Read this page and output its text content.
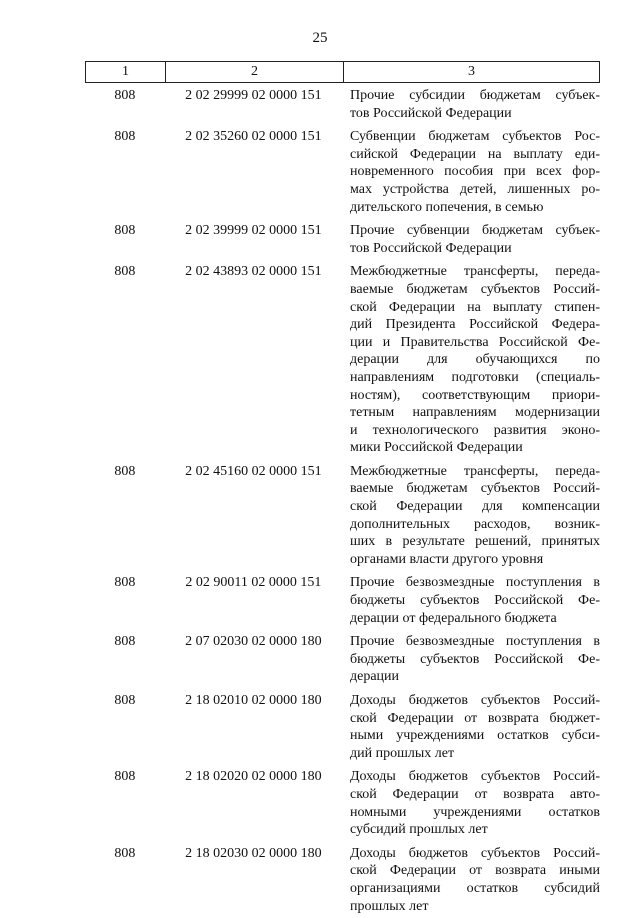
25
1	2	3
808	2 02 29999 02 0000 151	Прочие субсидии бюджетам субъек-
тов Российской Федерации
808	2 02 35260 02 0000 151	Субвенции бюджетам субъектов Рос-
сийской Федерации на выплату еди-
новременного пособия при всех фор-
мах устройства детей, лишенных ро-
дительского попечения, в семью
808	2 02 39999 02 0000 151	Прочие субвенции бюджетам субъек-
тов Российской Федерации
808	2 02 43893 02 0000 151	Межбюджетные трансферты, переда-
ваемые бюджетам субъектов Россий-
ской Федерации на выплату стипен-
дий Президента Российской Федера-
ции и Правительства Российской Фе-
дерации для обучающихся по
направлениям подготовки (специаль-
ностям), соответствующим приори-
тетным направлениям модернизации
и технологического развития эконо-
мики Российской Федерации
808	2 02 45160 02 0000 151	Межбюджетные трансферты, переда-
ваемые бюджетам субъектов Россий-
ской Федерации для компенсации
дополнительных расходов, возник-
ших в результате решений, принятых
органами власти другого уровня
808	2 02 90011 02 0000 151	Прочие безвозмездные поступления в
бюджеты субъектов Российской Фе-
дерации от федерального бюджета
808	2 07 02030 02 0000 180	Прочие безвозмездные поступления в
бюджеты субъектов Российской Фе-
дерации
808	2 18 02010 02 0000 180	Доходы бюджетов субъектов Россий-
ской Федерации от возврата бюджет-
ными учреждениями остатков субси-
дий прошлых лет
808	2 18 02020 02 0000 180	Доходы бюджетов субъектов Россий-
ской Федерации от возврата авто-
номными учреждениями остатков
субсидий прошлых лет
808	2 18 02030 02 0000 180	Доходы бюджетов субъектов Россий-
ской Федерации от возврата иными
организациями остатков субсидий
прошлых лет
